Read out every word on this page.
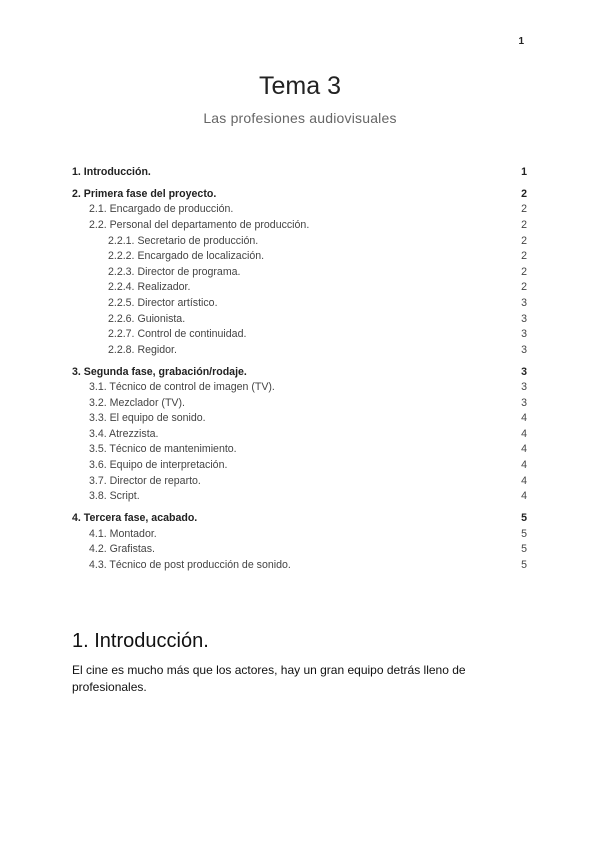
1
Tema 3
Las profesiones audiovisuales
1. Introducción.	1
2. Primera fase del proyecto.	2
2.1. Encargado de producción.	2
2.2. Personal del departamento de producción.	2
2.2.1. Secretario de producción.	2
2.2.2. Encargado de localización.	2
2.2.3. Director de programa.	2
2.2.4. Realizador.	2
2.2.5. Director artístico.	3
2.2.6. Guionista.	3
2.2.7. Control de continuidad.	3
2.2.8. Regidor.	3
3. Segunda fase, grabación/rodaje.	3
3.1. Técnico de control de imagen (TV).	3
3.2. Mezclador (TV).	3
3.3. El equipo de sonido.	4
3.4. Atrezzista.	4
3.5. Técnico de mantenimiento.	4
3.6. Equipo de interpretación.	4
3.7. Director de reparto.	4
3.8. Script.	4
4. Tercera fase, acabado.	5
4.1. Montador.	5
4.2. Grafistas.	5
4.3. Técnico de post producción de sonido.	5
1. Introducción.
El cine es mucho más que los actores, hay un gran equipo detrás lleno de profesionales.
